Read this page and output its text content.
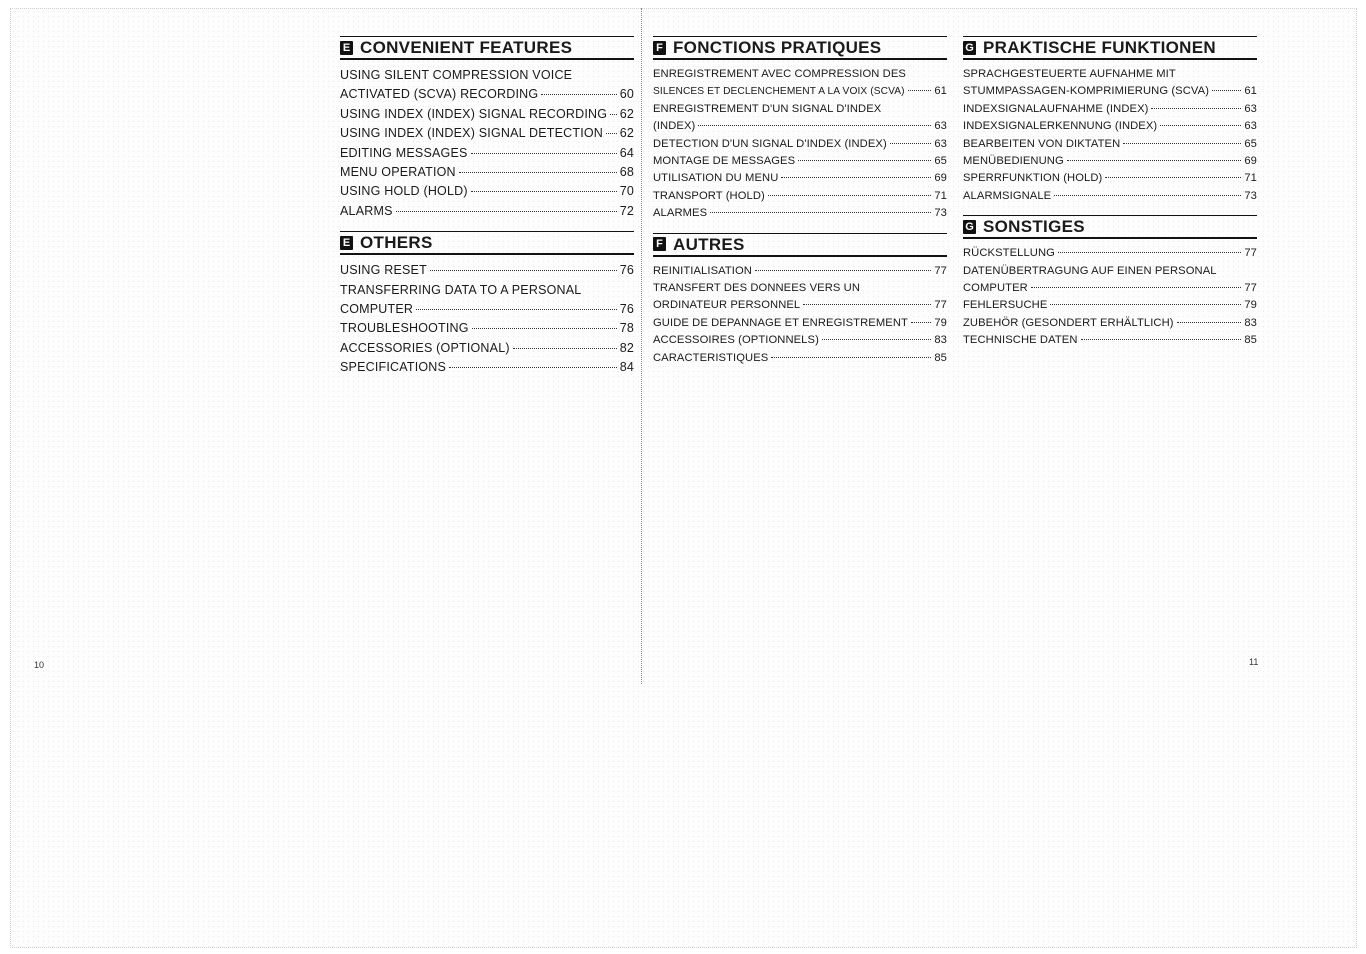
E CONVENIENT FEATURES
USING SILENT COMPRESSION VOICE
ACTIVATED (SCVA) RECORDING	60
USING INDEX (INDEX) SIGNAL RECORDING 62
USING INDEX (INDEX) SIGNAL DETECTION 62
EDITING MESSAGES	64
MENU OPERATION	68
USING HOLD (HOLD)	70
ALARMS	72
E OTHERS
USING RESET	76
TRANSFERRING DATA TO A PERSONAL
COMPUTER	76
TROUBLESHOOTING	78
ACCESSORIES (OPTIONAL)	82
SPECIFICATIONS	84
F FONCTIONS PRATIQUES
ENREGISTREMENT AVEC COMPRESSION DES
SILENCES ET DECLENCHEMENT A LA VOIX (SCVA)	61
ENREGISTREMENT D'UN SIGNAL D'INDEX
(INDEX)	63
DETECTION D'UN SIGNAL D'INDEX (INDEX)	63
MONTAGE DE MESSAGES	65
UTILISATION DU MENU	69
TRANSPORT (HOLD)	71
ALARMES	73
F AUTRES
REINITIALISATION	77
TRANSFERT DES DONNEES VERS UN
ORDINATEUR PERSONNEL	77
GUIDE DE DEPANNAGE ET ENREGISTREMENT 79
ACCESSOIRES (OPTIONNELS)	83
CARACTERISTIQUES	85
G PRAKTISCHE FUNKTIONEN
SPRACHGESTEUERTE AUFNAHME MIT
STUMMPASSAGEN-KOMPRIMIERUNG (SCVA)	61
INDEXSIGNALAUFNAHME (INDEX)	63
INDEXSIGNALERKENNUNG (INDEX)	63
BEARBEITEN VON DIKTATEN	65
MENÜBEDIENUNG	69
SPERRFUNKTION (HOLD)	71
ALARMSIGNALE	73
G SONSTIGES
RÜCKSTELLUNG	77
DATENÜBERTRAGUNG AUF EINEN PERSONAL
COMPUTER	77
FEHLERSUCHE	79
ZUBEHÖR (GESONDERT ERHÄLTLICH)	83
TECHNISCHE DATEN	85
10	11
